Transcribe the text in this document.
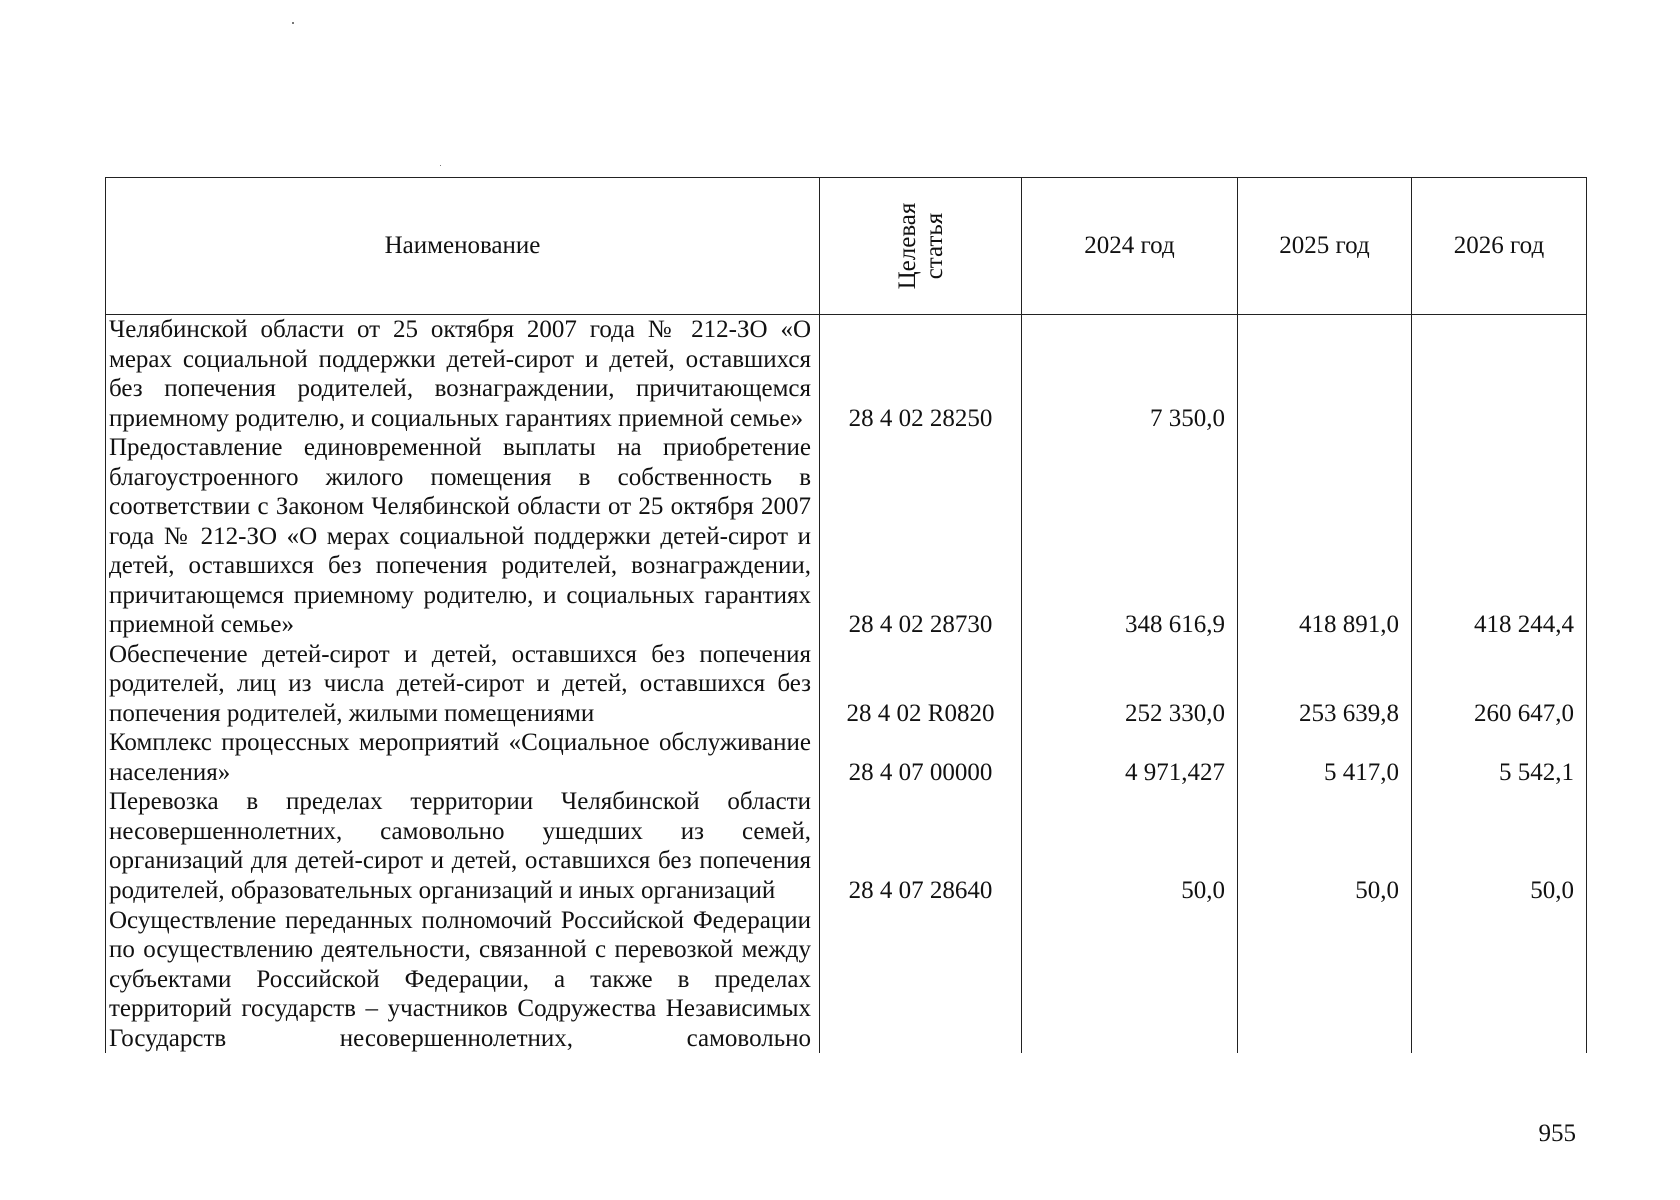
Наименование	Целевая статья	2024 год	2025 год	2026 год
Челябинской области от 25 октября 2007 года № 212-ЗО «О мерах социальной поддержки детей-сирот и детей, оставшихся без попечения родителей, вознаграждении, причитающемся приемному родителю, и социальных гарантиях приемной семье»	28 4 02 28250	7 350,0		
Предоставление единовременной выплаты на приобретение благоустроенного жилого помещения в собственность в соответствии с Законом Челябинской области от 25 октября 2007 года № 212-ЗО «О мерах социальной поддержки детей-сирот и детей, оставшихся без попечения родителей, вознаграждении, причитающемся приемному родителю, и социальных гарантиях приемной семье»	28 4 02 28730	348 616,9	418 891,0	418 244,4
Обеспечение детей-сирот и детей, оставшихся без попечения родителей, лиц из числа детей-сирот и детей, оставшихся без попечения родителей, жилыми помещениями	28 4 02 R0820	252 330,0	253 639,8	260 647,0
Комплекс процессных мероприятий «Социальное обслуживание населения»	28 4 07 00000	4 971,427	5 417,0	5 542,1
Перевозка в пределах территории Челябинской области несовершеннолетних, самовольно ушедших из семей, организаций для детей-сирот и детей, оставшихся без попечения родителей, образовательных организаций и иных организаций	28 4 07 28640	50,0	50,0	50,0
Осуществление переданных полномочий Российской Федерации по осуществлению деятельности, связанной с перевозкой между субъектами Российской Федерации, а также в пределах территорий государств – участников Содружества Независимых Государств несовершеннолетних, самовольно				
955
